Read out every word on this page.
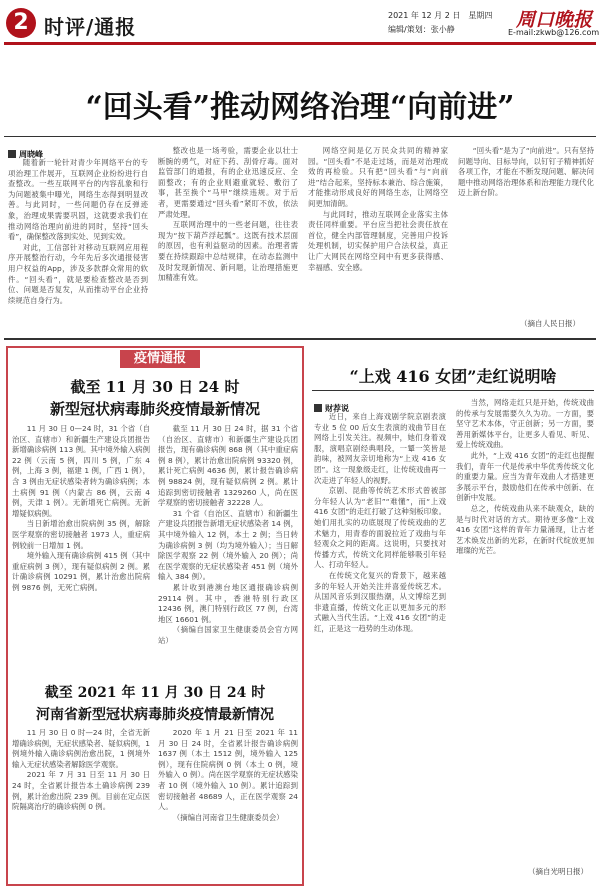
2 时评/通报	2021 年 12 月 2 日　星期四
编辑/策划：张小静	周口晚报
E-mail:zkwb@126.com
“回头看”推动网络治理“向前进”
周晓峰

随着新一轮针对青少年网络平台的专项治理工作展开，互联网企业纷纷进行自查整改。一些互联网平台的内容乱象和行为问题被集中曝光，网络生态得到明显改善。与此同时，一些问题仍存在反弹迹象，治理成果需要巩固，这就要求我们在推动网络治理向前进的同时，坚持“回头看”，确保整改落到实处、见到实效。

对此，工信部针对移动互联网应用程序开展整治行动，今年先后多次通报侵害用户权益的App，涉及多款群众常用的软件。“回头看”，就是要检查整改是否到位、问题是否复发，从而推动平台企业持续规范自身行为。

整改也是一场考验，需要企业以壮士断腕的勇气，对症下药、刮骨疗毒。面对监管部门的通报，有的企业迅速反应、全面整改；有的企业则避重就轻、敷衍了事，甚至换个“马甲”继续违规。对于后者，更需要通过“回头看”紧盯不放，依法严肃处理。

互联网治理中的一些老问题，往往表现为“按下葫芦浮起瓢”。这既有技术层面的原因，也有利益驱动的因素。治理者需要在持续跟踪中总结规律，在动态监测中及时发现新情况、新问题，让治理措施更加精准有效。

网络空间是亿万民众共同的精神家园。“回头看”不是走过场，而是对治理成效的再检验。只有把“回头看”与“向前进”结合起来，坚持标本兼治、综合施策，才能推动形成良好的网络生态，让网络空间更加清朗。

与此同时，推动互联网企业落实主体责任同样重要。平台应当把社会责任放在首位，健全内部管理制度，完善用户投诉处理机制，切实保护用户合法权益，真正让广大网民在网络空间中有更多获得感、幸福感、安全感。

“回头看”是为了“向前进”。只有坚持问题导向、目标导向，以钉钉子精神抓好各项工作，才能在不断发现问题、解决问题中推动网络治理体系和治理能力现代化迈上新台阶。

（摘自人民日报）
疫情通报
截至 11 月 30 日 24 时
新型冠状病毒肺炎疫情最新情况

11 月 30 日 0—24 时，31 个省（自治区、直辖市）和新疆生产建设兵团报告新增确诊病例 113 例。其中境外输入病例 22 例（云南 5 例，四川 5 例，广东 4 例，上海 3 例，福建 1 例，广西 1 例），含 3 例由无症状感染者转为确诊病例；本土病例 91 例（内蒙古 86 例，云南 4 例，天津 1 例）。无新增死亡病例。无新增疑似病例。

当日新增治愈出院病例 35 例，解除医学观察的密切接触者 1973 人，重症病例较前一日增加 1 例。

境外输入现有确诊病例 415 例（其中重症病例 3 例），现有疑似病例 2 例。累计确诊病例 10291 例，累计治愈出院病例 9876 例，无死亡病例。

截至 11 月 30 日 24 时，据 31 个省（自治区、直辖市）和新疆生产建设兵团报告，现有确诊病例 868 例（其中重症病例 8 例），累计治愈出院病例 93320 例，累计死亡病例 4636 例，累计报告确诊病例 98824 例，现有疑似病例 2 例。累计追踪到密切接触者 1329260 人，尚在医学观察的密切接触者 32228 人。

31 个省（自治区、直辖市）和新疆生产建设兵团报告新增无症状感染者 14 例，其中境外输入 12 例，本土 2 例；当日转为确诊病例 3 例（均为境外输入）；当日解除医学观察 22 例（境外输入 20 例）；尚在医学观察的无症状感染者 451 例（境外输入 384 例）。

累计收到港澳台地区通报确诊病例 29114 例。其中，香港特别行政区 12436 例，澳门特别行政区 77 例，台湾地区 16601 例。

（摘编自国家卫生健康委员会官方网站）

截至 2021 年 11 月 30 日 24 时
河南省新型冠状病毒肺炎疫情最新情况

11 月 30 日 0 时—24 时，全省无新增确诊病例，无症状感染者、疑似病例，1 例境外输入确诊病例治愈出院，1 例境外输入无症状感染者解除医学观察。

2021 年 7 月 31 日至 11 月 30 日 24 时，全省累计报告本土确诊病例 239 例，累计治愈出院 239 例。目前在定点医院隔离治疗的确诊病例 0 例。

2020 年 1 月 21 日至 2021 年 11 月 30 日 24 时，全省累计报告确诊病例 1637 例（本土 1512 例，境外输入 125 例），现有住院病例 0 例（本土 0 例，境外输入 0 例）。尚在医学观察的无症状感染者 10 例（境外输入 10 例）。累计追踪到密切接触者 48689 人，正在医学观察 24 人。

（摘编自河南省卫生健康委员会）

“上戏 416 女团”走红说明啥
财荐说

近日，来自上海戏剧学院京剧表演专业 5 位 00 后女生表演的戏曲节目在网络上引发关注。视频中，她们身着戏服，演唱京剧经典唱段，一颦一笑皆是韵味，被网友亲切地称为“上戏 416 女团”。这一现象级走红，让传统戏曲再一次走进了年轻人的视野。

京剧、昆曲等传统艺术形式曾被部分年轻人认为“老旧”“难懂”，而“上戏 416 女团”的走红打破了这种刻板印象。她们用扎实的功底展现了传统戏曲的艺术魅力，用青春的面貌拉近了戏曲与年轻观众之间的距离。这说明，只要找对传播方式，传统文化同样能够吸引年轻人、打动年轻人。

在传统文化复兴的背景下，越来越多的年轻人开始关注并喜爱传统艺术。从国风音乐到汉服热潮，从文博综艺到非遗直播，传统文化正以更加多元的形式融入当代生活。“上戏 416 女团”的走红，正是这一趋势的生动体现。

当然，网络走红只是开始，传统戏曲的传承与发展需要久久为功。一方面，要坚守艺术本体，守正创新；另一方面，要善用新媒体平台，让更多人看见、听见、爱上传统戏曲。

此外，“上戏 416 女团”的走红也提醒我们，青年一代是传承中华优秀传统文化的重要力量。应当为青年戏曲人才搭建更多展示平台，鼓励他们在传承中创新、在创新中发展。

总之，传统戏曲从来不缺观众，缺的是与时代对话的方式。期待更多像“上戏 416 女团”这样的青年力量涌现，让古老艺术焕发出新的光彩，在新时代绽放更加璀璨的光芒。

（摘自光明日报）
